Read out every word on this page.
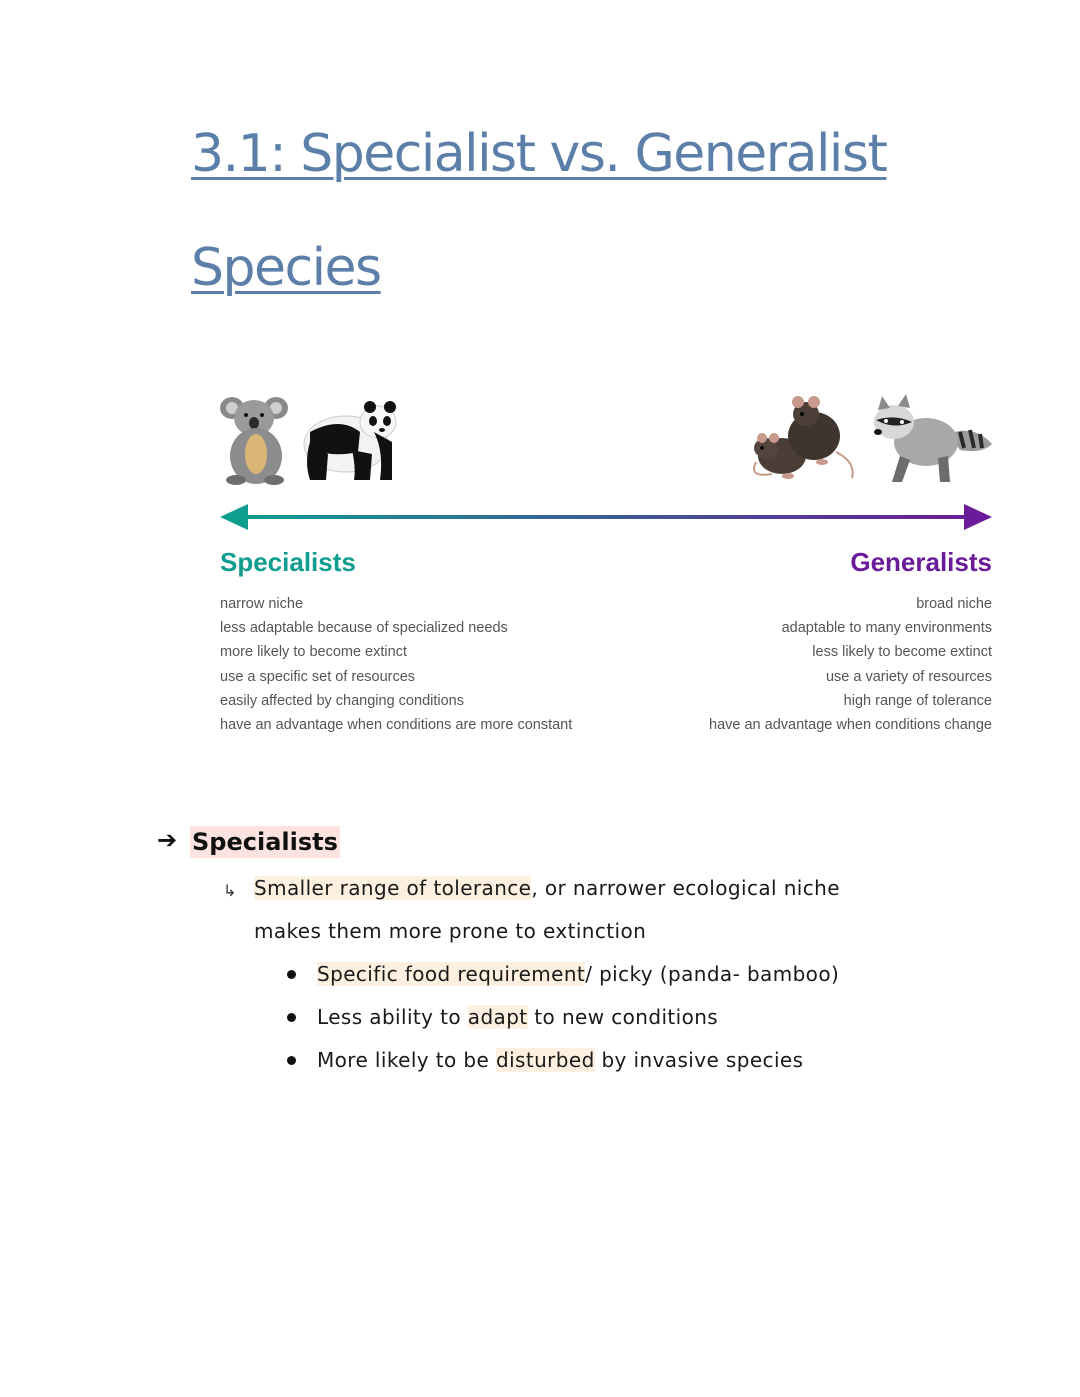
3.1: Specialist vs. Generalist
Species
Specialists	Generalists
narrow niche
less adaptable because of specialized needs
more likely to become extinct
use a specific set of resources
easily affected by changing conditions
have an advantage when conditions are more constant
broad niche
adaptable to many environments
less likely to become extinct
use a variety of resources
high range of tolerance
have an advantage when conditions change
➔ Specialists
↳ Smaller range of tolerance, or narrower ecological niche
makes them more prone to extinction
Specific food requirement/ picky (panda- bamboo)
Less ability to adapt to new conditions
More likely to be disturbed by invasive species
